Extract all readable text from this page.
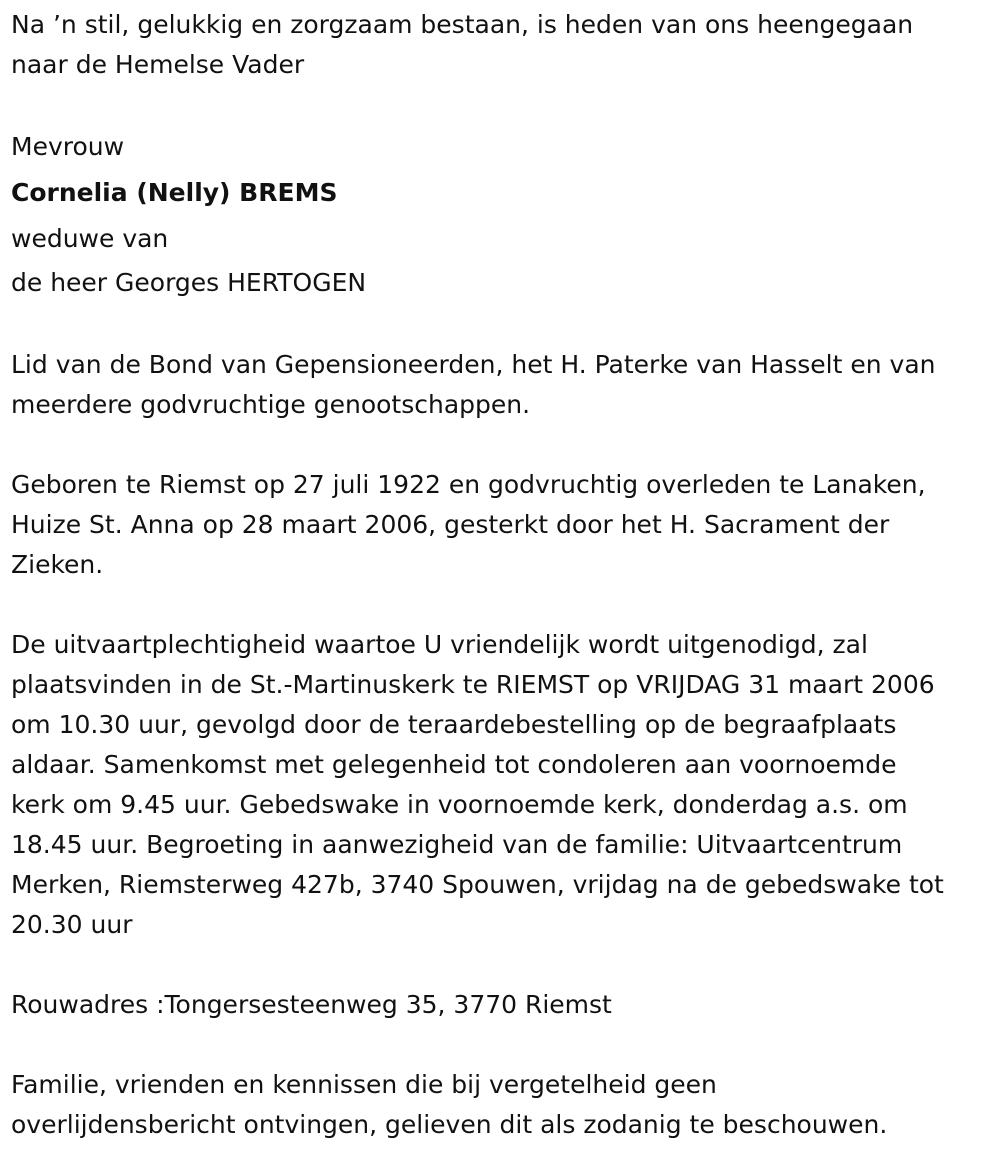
Na ’n stil, gelukkig en zorgzaam bestaan, is heden van ons heengegaan
naar de Hemelse Vader

Mevrouw

Cornelia (Nelly) BREMS

weduwe van

de heer Georges HERTOGEN

Lid van de Bond van Gepensioneerden, het H. Paterke van Hasselt en van
meerdere godvruchtige genootschappen.

Geboren te Riemst op 27 juli 1922 en godvruchtig overleden te Lanaken,
Huize St. Anna op 28 maart 2006, gesterkt door het H. Sacrament der
Zieken.

De uitvaartplechtigheid waartoe U vriendelijk wordt uitgenodigd, zal
plaatsvinden in de St.-Martinuskerk te RIEMST op VRIJDAG 31 maart 2006
om 10.30 uur, gevolgd door de teraardebestelling op de begraafplaats
aldaar. Samenkomst met gelegenheid tot condoleren aan voornoemde
kerk om 9.45 uur. Gebedswake in voornoemde kerk, donderdag a.s. om
18.45 uur. Begroeting in aanwezigheid van de familie: Uitvaartcentrum
Merken, Riemsterweg 427b, 3740 Spouwen, vrijdag na de gebedswake tot
20.30 uur

Rouwadres :Tongersesteenweg 35, 3770 Riemst

Familie, vrienden en kennissen die bij vergetelheid geen
overlijdensbericht ontvingen, gelieven dit als zodanig te beschouwen.
